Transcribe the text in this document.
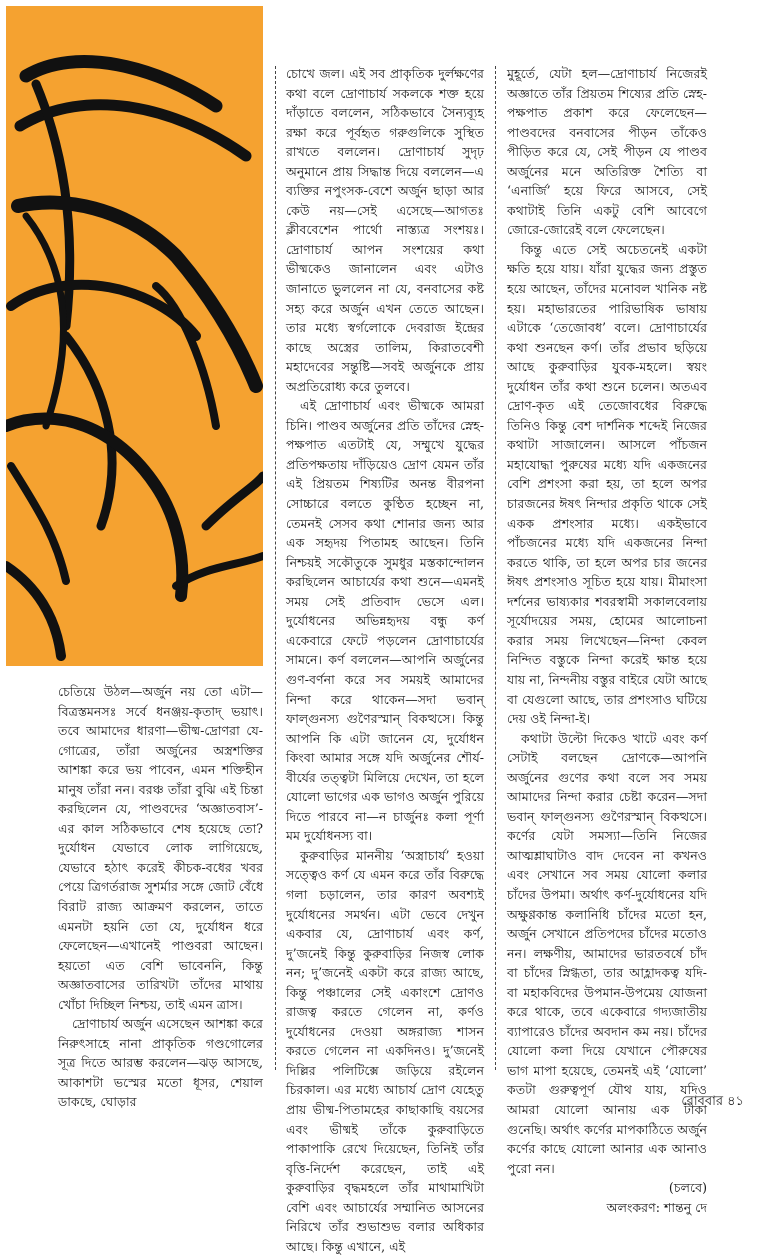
চেতিয়ে উঠল—অর্জুন নয় তো এটা—বিত্রস্তমনসঃ সর্বে ধনঞ্জয়-কৃতাদ্ ভয়াৎ। তবে আমাদের ধারণা—ভীষ্ম-দ্রোণরা যে-গোত্রের, তাঁরা অর্জুনের অস্ত্রশক্তির আশঙ্কা করে ভয় পাবেন, এমন শক্তিহীন মানুষ তাঁরা নন। বরঞ্চ তাঁরা বুঝি এই চিন্তা করছিলেন যে, পাণ্ডবদের ‘অজ্ঞাতবাস’-এর কাল সঠিকভাবে শেষ হয়েছে তো? দুর্যোধন যেভাবে লোক লাগিয়েছে, যেভাবে হঠাৎ করেই কীচক-বধের খবর পেয়ে ত্রিগর্তরাজ সুশর্মার সঙ্গে জোট বেঁধে বিরাট রাজ্য আক্রমণ করলেন, তাতে এমনটা হয়নি তো যে, দুর্যোধন ধরে ফেলেছেন—এখানেই পাণ্ডবরা আছেন। হয়তো এত বেশি ভাবেননি, কিন্তু অজ্ঞাতবাসের তারিখটা তাঁদের মাথায় খোঁচা দিচ্ছিল নিশ্চয়, তাই এমন ত্রাস।

দ্রোণাচার্য অর্জুন এসেছেন আশঙ্কা করে নিরুৎসাহে নানা প্রাকৃতিক গণ্ডগোলের সূত্র দিতে আরম্ভ করলেন—ঝড় আসছে, আকাশটা ভস্মের মতো ধূসর, শেয়াল ডাকছে, ঘোড়ার

চোখে জল। এই সব প্রাকৃতিক দুর্লক্ষণের কথা বলে দ্রোণাচার্য সকলকে শক্ত হয়ে দাঁড়াতে বললেন, সঠিকভাবে সৈন্যব্যূহ রক্ষা করে পূর্বহৃত গরুগুলিকে সুস্থিত রাখতে বললেন। দ্রোণাচার্য সুদৃঢ় অনুমানে প্রায় সিদ্ধান্ত দিয়ে বললেন—এ ব্যক্তির নপুংসক-বেশে অর্জুন ছাড়া আর কেউ নয়—সেই এসেছে—আগতঃ ক্লীববেশেন পার্থো নাস্ত্যত্র সংশয়ঃ। দ্রোণাচার্য আপন সংশয়ের কথা ভীষ্মকেও জানালেন এবং এটাও জানাতে ভুললেন না যে, বনবাসের কষ্ট সহ্য করে অর্জুন এখন তেতে আছেন। তার মধ্যে স্বর্গলোকে দেবরাজ ইন্দ্রের কাছে অস্ত্রের তালিম, কিরাতবেশী মহাদেবের সন্তুষ্টি—সবই অর্জুনকে প্রায় অপ্রতিরোধ্য করে তুলবে।

এই দ্রোণাচার্য এবং ভীষ্মকে আমরা চিনি। পাণ্ডব অর্জুনের প্রতি তাঁদের স্নেহ-পক্ষপাত এতটাই যে, সম্মুখে যুদ্ধের প্রতিপক্ষতায় দাঁড়িয়েও দ্রোণ যেমন তাঁর এই প্রিয়তম শিষ্যটির অনন্ত বীরপনা সোচ্চারে বলতে কুণ্ঠিত হচ্ছেন না, তেমনই সেসব কথা শোনার জন্য আর এক সহৃদয় পিতামহ আছেন। তিনি নিশ্চয়ই সকৌতুকে সুমধুর মস্তকান্দোলন করছিলেন আচার্যের কথা শুনে—এমনই সময় সেই প্রতিবাদ ভেসে এল। দুর্যোধনের অভিন্নহৃদয় বন্ধু কর্ণ একেবারে ফেটে পড়লেন দ্রোণাচার্যের সামনে। কর্ণ বললেন—আপনি অর্জুনের গুণ-বর্ণনা করে সব সময়ই আমাদের নিন্দা করে থাকেন—সদা ভবান্ ফাল্গুনস্য গুণৈরস্মান্ বিকত্থসে। কিন্তু আপনি কি এটা জানেন যে, দুর্যোধন কিংবা আমার সঙ্গে যদি অর্জুনের শৌর্য-বীর্যের তত্ত্বটা মিলিয়ে দেখেন, তা হলে যোলো ভাগের এক ভাগও অর্জুন পুরিয়ে দিতে পারবে না—ন চার্জুনঃ কলা পূর্ণা মম দুর্যোধনস্য বা।

কুরুবাড়ির মাননীয় ‘অস্ত্রাচার্য’ হওয়া সত্ত্বেও কর্ণ যে এমন করে তাঁর বিরুদ্ধে গলা চড়ালেন, তার কারণ অবশ্যই দুর্যোধনের সমর্থন। এটা ভেবে দেখুন একবার যে, দ্রোণাচার্য এবং কর্ণ, দু’জনেই কিন্তু কুরুবাড়ির নিজস্ব লোক নন; দু’জনেই একটা করে রাজ্য আছে, কিন্তু পঞ্চালের সেই একাংশে দ্রোণও রাজত্ব করতে গেলেন না, কর্ণও দুর্যোধনের দেওয়া অঙ্গরাজ্য শাসন করতে গেলেন না একদিনও। দু’জনেই দিল্লির পলিটিক্সে জড়িয়ে রইলেন চিরকাল। এর মধ্যে আচার্য দ্রোণ যেহেতু প্রায় ভীষ্ম-পিতামহের কাছাকাছি বয়সের এবং ভীষ্মই তাঁকে কুরুবাড়িতে পাকাপাকি রেখে দিয়েছেন, তিনিই তাঁর বৃত্তি-নির্দেশ করেছেন, তাই এই কুরুবাড়ির বৃদ্ধমহলে তাঁর মাথামাখিটা বেশি এবং আচার্যের সম্মানিত আসনের নিরিখে তাঁর শুভাশুভ বলার অধিকার আছে। কিন্তু এখানে, এই

মুহূর্তে, যেটা হল—দ্রোণাচার্য নিজেরই অজ্ঞাতে তাঁর প্রিয়তম শিষ্যের প্রতি স্নেহ-পক্ষপাত প্রকাশ করে ফেলেছেন—পাণ্ডবদের বনবাসের পীড়ন তাঁকেও পীড়িত করে যে, সেই পীড়ন যে পাণ্ডব অর্জুনের মনে অতিরিক্ত শৈত্যি বা ‘এনার্জি’ হয়ে ফিরে আসবে, সেই কথাটাই তিনি একটু বেশি আবেগে জোরে-জোরেই বলে ফেলেছেন।

কিন্তু এতে সেই অচেতনেই একটা ক্ষতি হয়ে যায়। যাঁরা যুদ্ধের জন্য প্রস্তুত হয়ে আছেন, তাঁদের মনোবল খানিক নষ্ট হয়। মহাভারতের পারিভাষিক ভাষায় এটাকে ‘তেজোবধ’ বলে। দ্রোণাচার্যের কথা শুনছেন কর্ণ। তাঁর প্রভাব ছড়িয়ে আছে কুরুবাড়ির যুবক-মহলে। স্বয়ং দুর্যোধন তাঁর কথা শুনে চলেন। অতএব দ্রোণ-কৃত এই তেজোবধের বিরুদ্ধে তিনিও কিন্তু বেশ দার্শনিক শব্দেই নিজের কথাটা সাজালেন। আসলে পাঁচজন মহাযোদ্ধা পুরুষের মধ্যে যদি একজনের বেশি প্রশংসা করা হয়, তা হলে অপর চারজনের ঈষৎ নিন্দার প্রকৃতি থাকে সেই একক প্রশংসার মধ্যে। একইভাবে পাঁচজনের মধ্যে যদি একজনের নিন্দা করতে থাকি, তা হলে অপর চার জনের ঈষৎ প্রশংসাও সূচিত হয়ে যায়। মীমাংসা দর্শনের ভাষ্যকার শবরস্বামী সকালবেলায় সূর্যোদয়ের সময়, হোমের আলোচনা করার সময় লিখেছেন—নিন্দা কেবল নিন্দিত বস্তুকে নিন্দা করেই ক্ষান্ত হয়ে যায় না, নিন্দনীয় বস্তুর বাইরে যেটা আছে বা যেগুলো আছে, তার প্রশংসাও ঘটিয়ে দেয় ওই নিন্দা-ই।

কথাটা উল্টো দিকেও খাটে এবং কর্ণ সেটাই বলছেন দ্রোণকে—আপনি অর্জুনের গুণের কথা বলে সব সময় আমাদের নিন্দা করার চেষ্টা করেন—সদা ভবান্ ফাল্গুনস্য গুণৈরস্মান্ বিকত্থসে। কর্ণের যেটা সমস্যা—তিনি নিজের আত্মশ্লাঘাটাও বাদ দেবেন না কখনও এবং সেখানে সব সময় যোলো কলার চাঁদের উপমা। অর্থাৎ কর্ণ-দুর্যোধনের যদি অক্ষুণ্ণকান্ত কলানিধি চাঁদের মতো হন, অর্জুন সেখানে প্রতিপদের চাঁদের মতোও নন। লক্ষণীয়, আমাদের ভারতবর্ষে চাঁদ বা চাঁদের স্নিগ্ধতা, তার আহ্লাদকত্ব যদি-বা মহাকবিদের উপমান-উপমেয় যোজনা করে থাকে, তবে একেবারে গদ্যজাতীয় ব্যাপারেও চাঁদের অবদান কম নয়। চাঁদের যোলো কলা দিয়ে যেখানে পৌরুষের ভাগ মাপা হয়েছে, তেমনই এই ‘যোলো’ কতটা গুরুত্বপূর্ণ যৌথ যায়, যদিও আমরা যোলো আনায় এক টাকা গুনেছি। অর্থাৎ কর্ণের মাপকাঠিতে অর্জুন কর্ণের কাছে যোলো আনার এক আনাও পুরো নন।

(চলবে)

অলংকরণ: শান্তনু দে

রোববার ৪১
